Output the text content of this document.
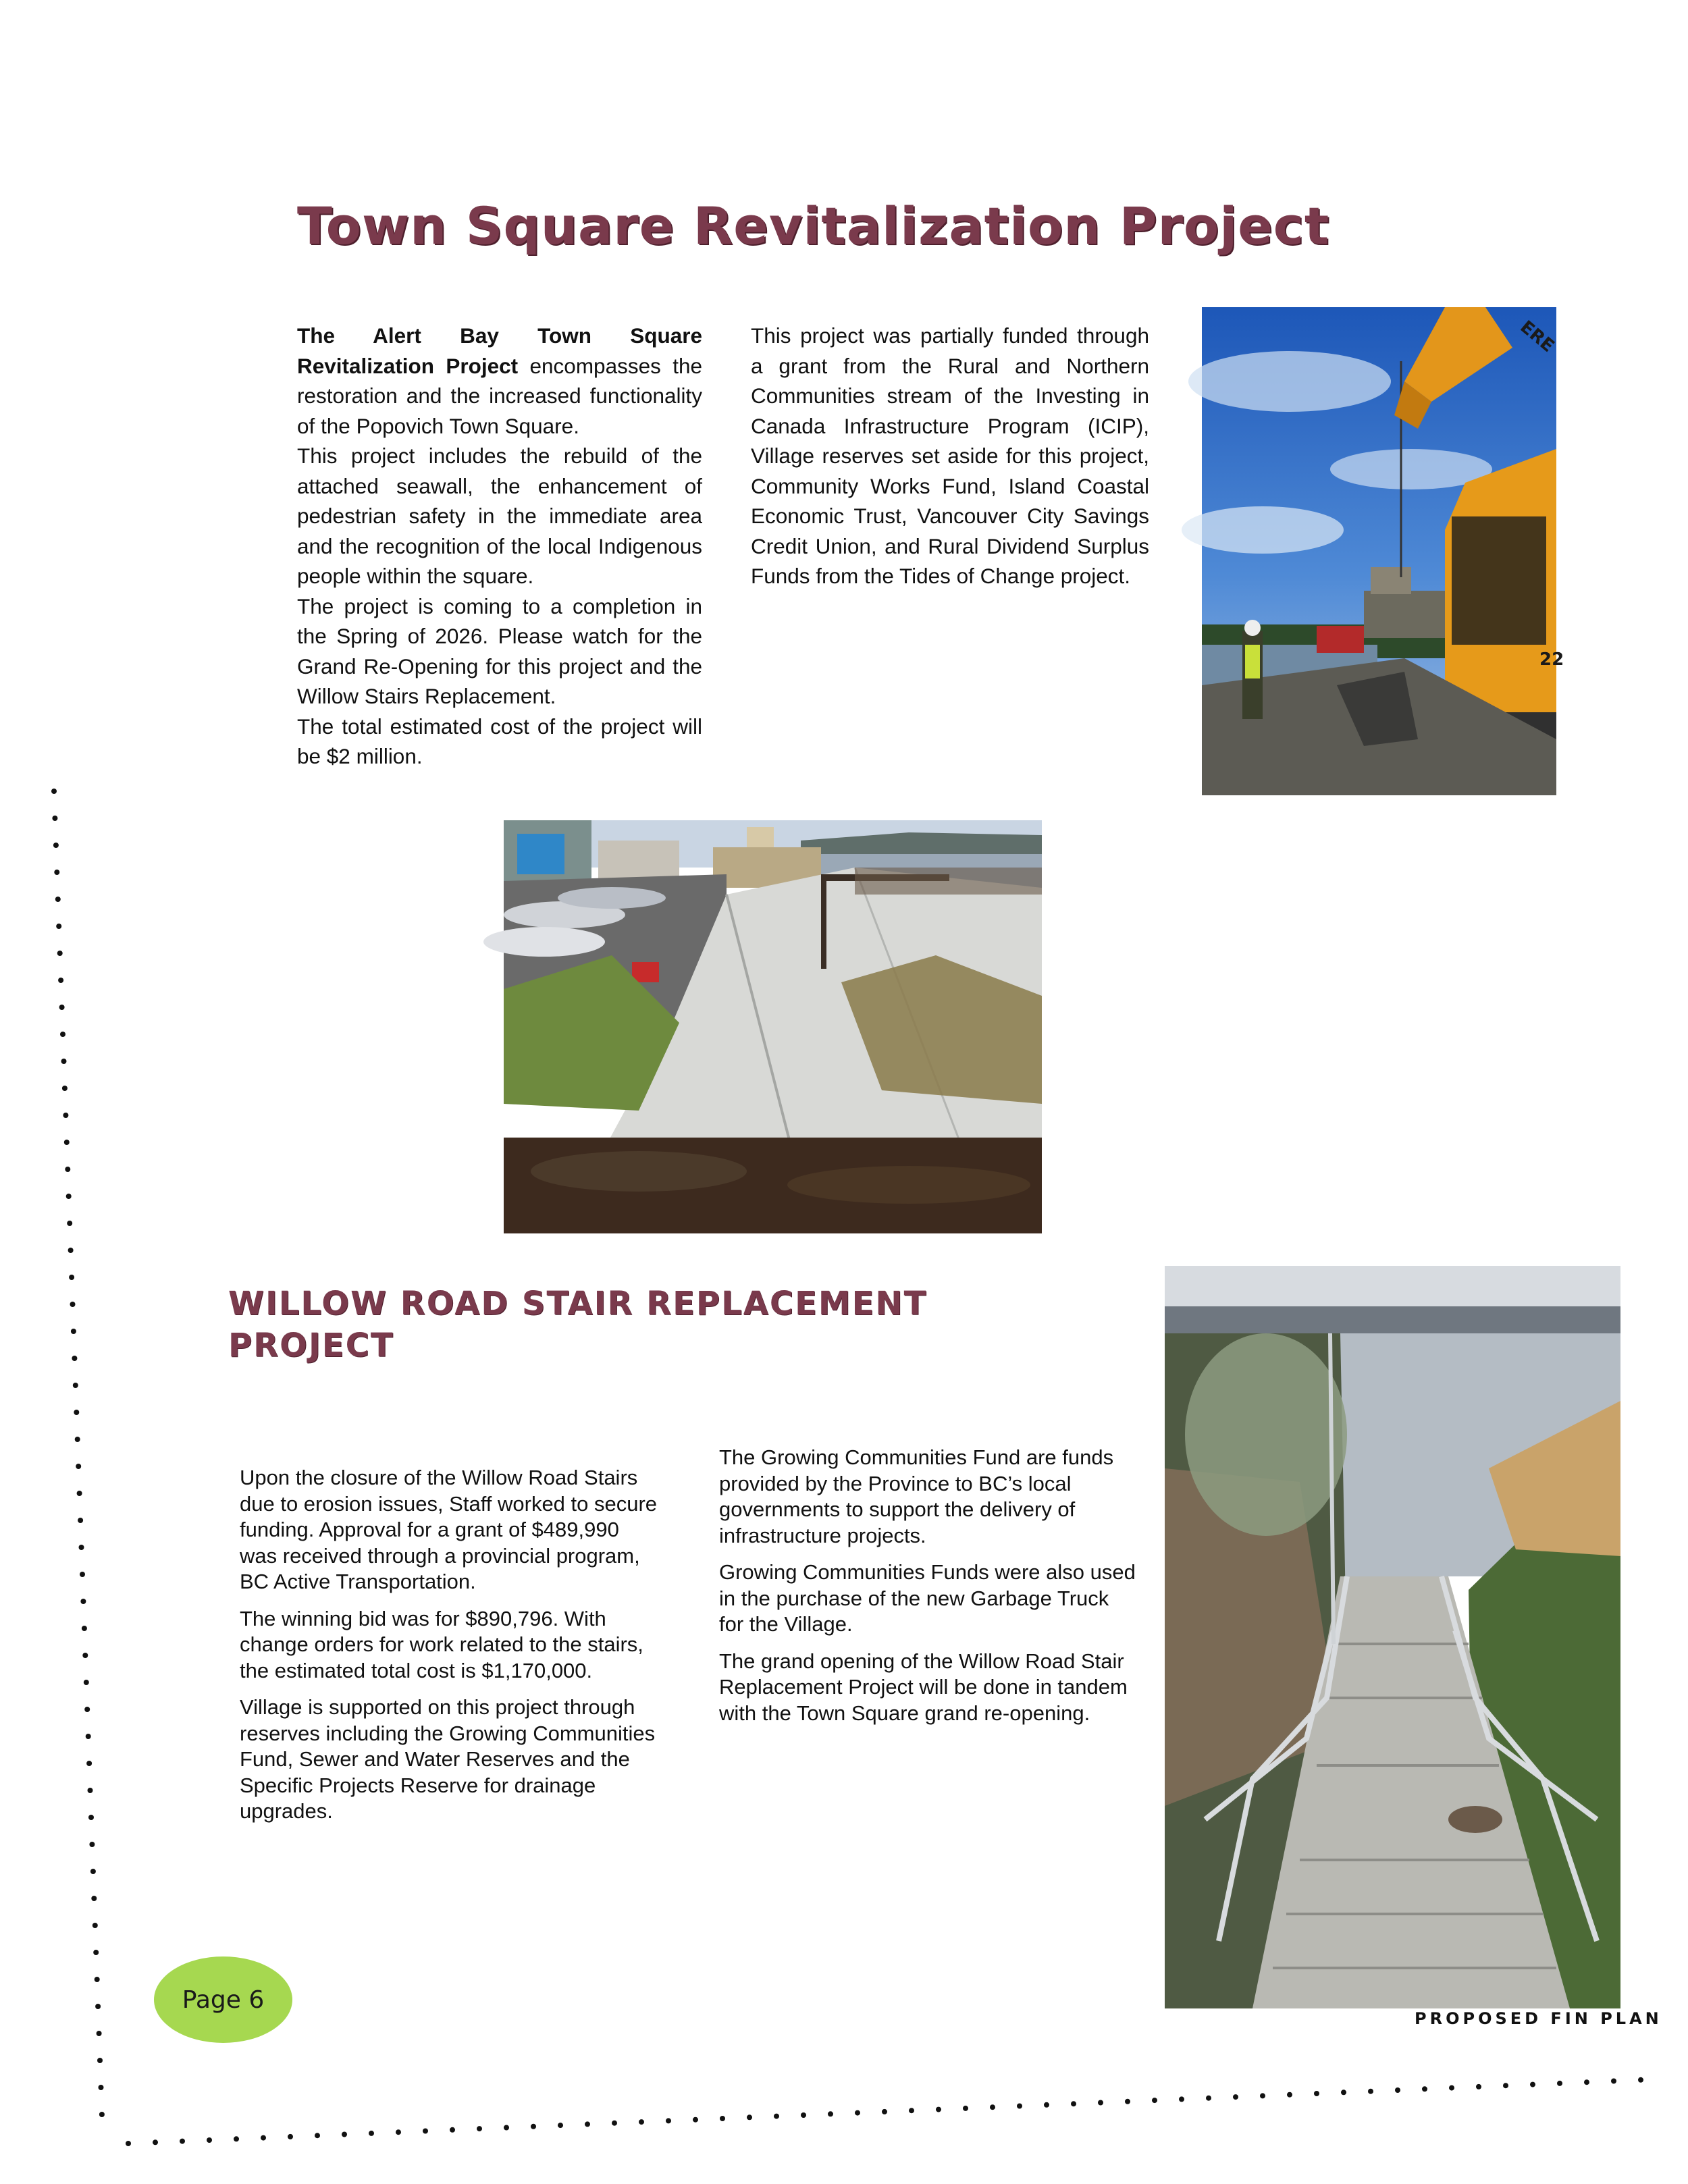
Town Square Revitalization Project

The Alert Bay Town Square Revitalization Project encompasses the restoration and the increased functionality of the Popovich Town Square.

This project includes the rebuild of the attached seawall, the enhancement of pedestrian safety in the immediate area and the recognition of the local Indigenous people within the square.

The project is coming to a completion in the Spring of 2026. Please watch for the Grand Re-Opening for this project and the Willow Stairs Replacement.

The total estimated cost of the project will be $2 million.

This project was partially funded through a grant from the Rural and Northern Communities stream of the Investing in Canada Infrastructure Program (ICIP), Village reserves set aside for this project, Community Works Fund, Island Coastal Economic Trust, Vancouver City Savings Credit Union, and Rural Dividend Surplus Funds from the Tides of Change project.

ERE
22
WILLOW ROAD STAIR REPLACEMENT PROJECT

Upon the closure of the Willow Road Stairs due to erosion issues, Staff worked to secure funding. Approval for a grant of $489,990 was received through a provincial program, BC Active Transportation.

The winning bid was for $890,796. With change orders for work related to the stairs, the estimated total cost is $1,170,000.

Village is supported on this project through reserves including the Growing Communities Fund, Sewer and Water Reserves and the Specific Projects Reserve for drainage upgrades.

The Growing Communities Fund are funds provided by the Province to BC’s local governments to support the delivery of infrastructure projects.

Growing Communities Funds were also used in the purchase of the new Garbage Truck for the Village.

The grand opening of the Willow Road Stair Replacement Project will be done in tandem with the Town Square grand re-opening.

PROPOSED FIN PLAN
Page 6
